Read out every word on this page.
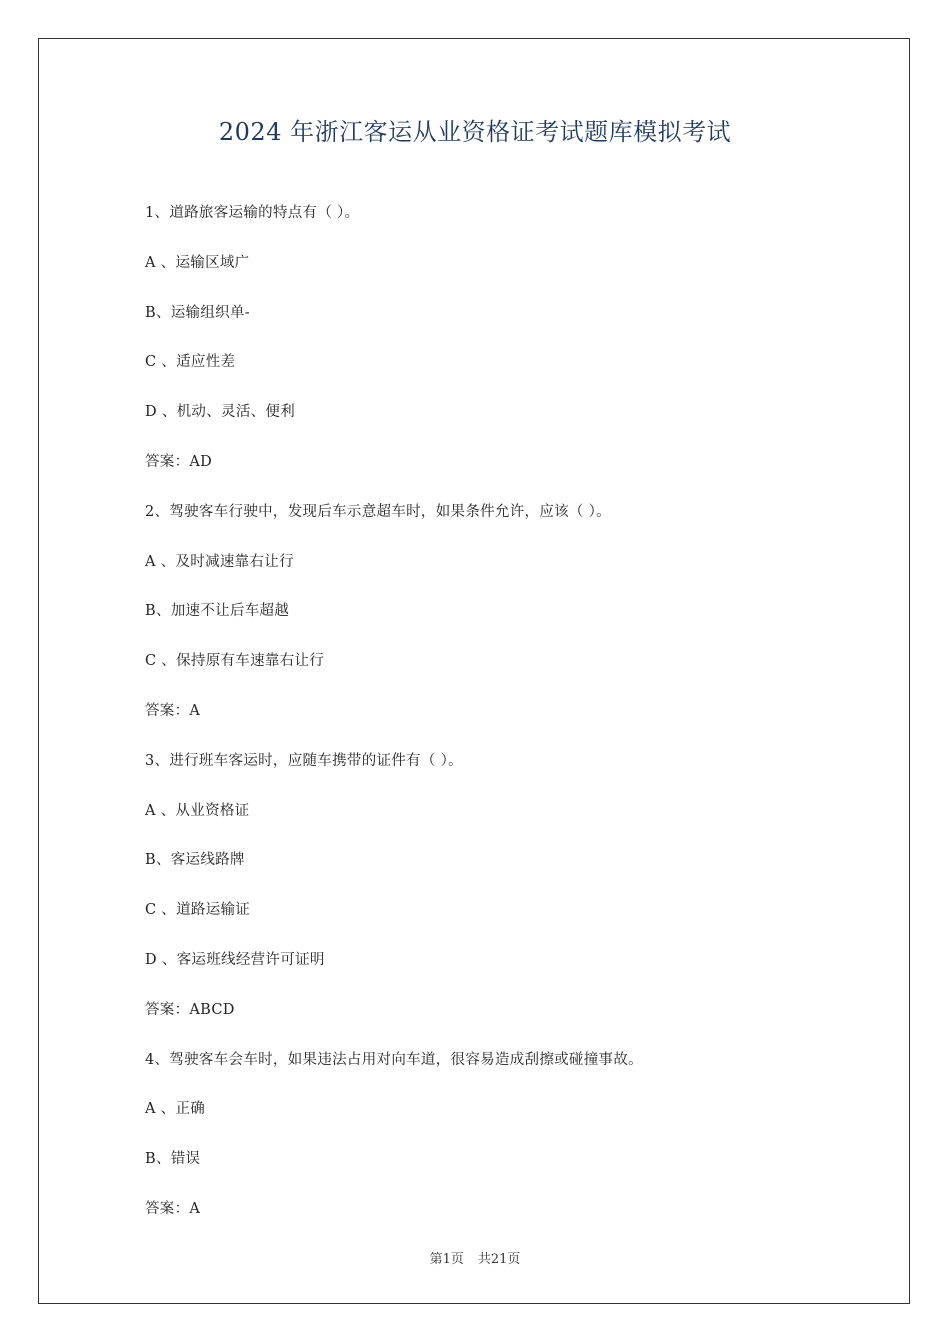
2024 年浙江客运从业资格证考试题库模拟考试
1、道路旅客运输的特点有（ ）。
A 、运输区域广
B、运输组织单-
C 、适应性差
D 、机动、灵活、便利
答案：AD
2、驾驶客车行驶中，发现后车示意超车时，如果条件允许，应该（ ）。
A 、及时减速靠右让行
B、加速不让后车超越
C 、保持原有车速靠右让行
答案：A
3、进行班车客运时，应随车携带的证件有（ ）。
A 、从业资格证
B、客运线路牌
C 、道路运输证
D 、客运班线经营许可证明
答案：ABCD
4、驾驶客车会车时，如果违法占用对向车道，很容易造成刮擦或碰撞事故。
A 、正确
B、错误
答案：A
第1页 共21页
